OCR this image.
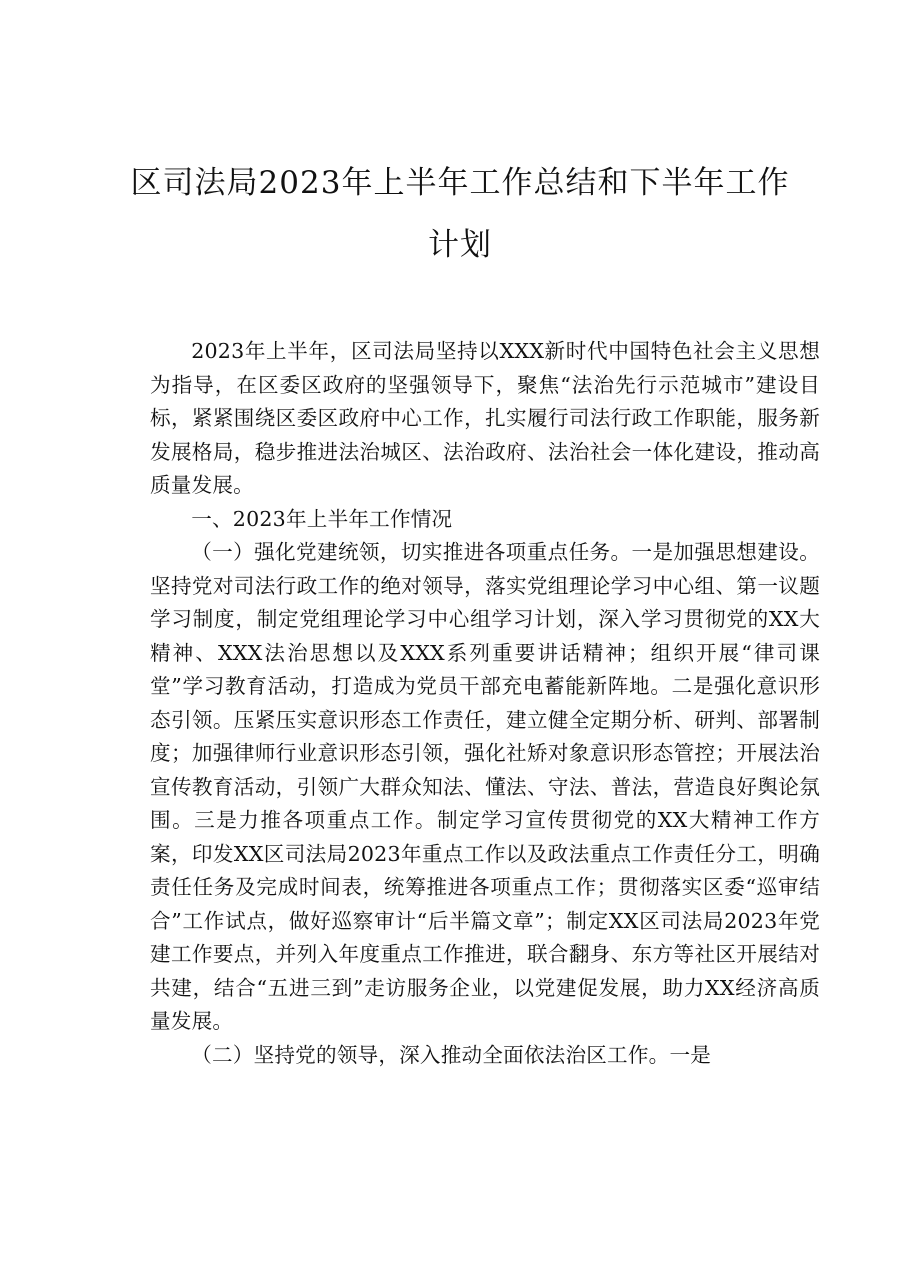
区司法局2023年上半年工作总结和下半年工作计划

2023年上半年，区司法局坚持以XXX新时代中国特色社会主义思想为指导，在区委区政府的坚强领导下，聚焦“法治先行示范城市”建设目标，紧紧围绕区委区政府中心工作，扎实履行司法行政工作职能，服务新发展格局，稳步推进法治城区、法治政府、法治社会一体化建设，推动高质量发展。

一、2023年上半年工作情况

（一）强化党建统领，切实推进各项重点任务。一是加强思想建设。坚持党对司法行政工作的绝对领导，落实党组理论学习中心组、第一议题学习制度，制定党组理论学习中心组学习计划，深入学习贯彻党的XX大精神、XXX法治思想以及XXX系列重要讲话精神；组织开展“律司课堂”学习教育活动，打造成为党员干部充电蓄能新阵地。二是强化意识形态引领。压紧压实意识形态工作责任，建立健全定期分析、研判、部署制度；加强律师行业意识形态引领，强化社矫对象意识形态管控；开展法治宣传教育活动，引领广大群众知法、懂法、守法、普法，营造良好舆论氛围。三是力推各项重点工作。制定学习宣传贯彻党的XX大精神工作方案，印发XX区司法局2023年重点工作以及政法重点工作责任分工，明确责任任务及完成时间表，统筹推进各项重点工作；贯彻落实区委“巡审结合”工作试点，做好巡察审计“后半篇文章”；制定XX区司法局2023年党建工作要点，并列入年度重点工作推进，联合翻身、东方等社区开展结对共建，结合“五进三到”走访服务企业，以党建促发展，助力XX经济高质量发展。

（二）坚持党的领导，深入推动全面依法治区工作。一是
